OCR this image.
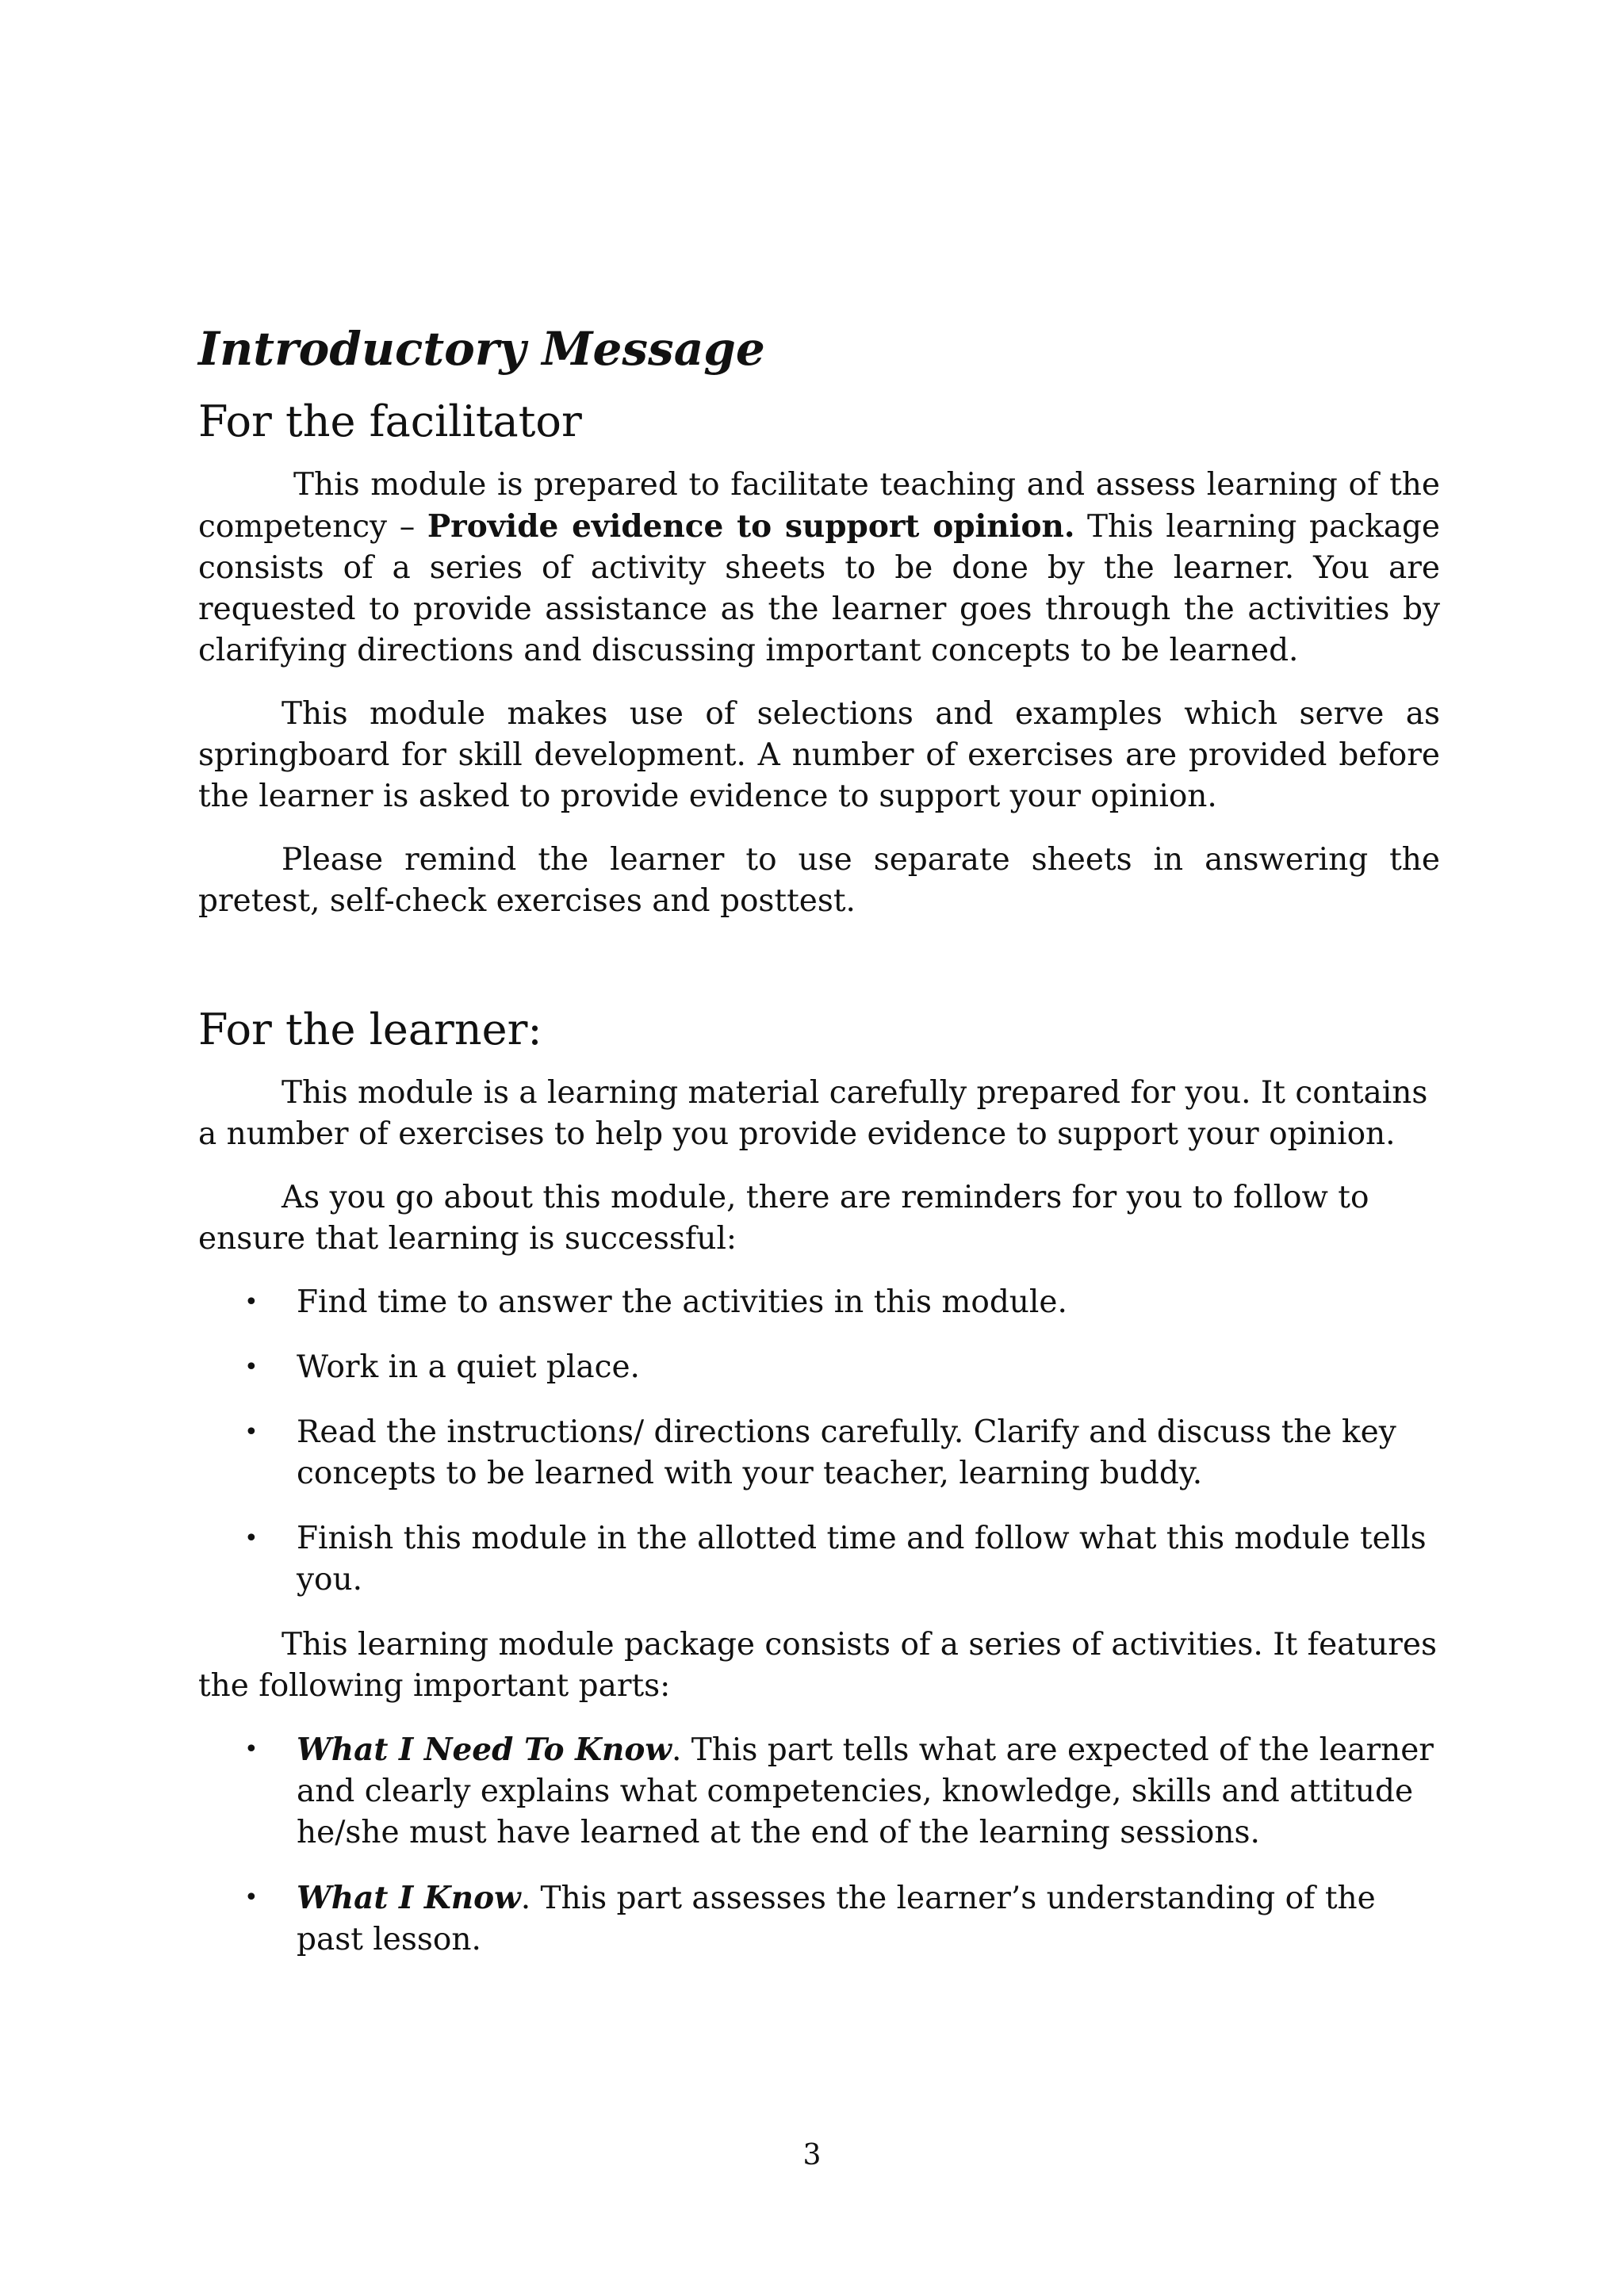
Introductory Message
For the facilitator

This module is prepared to facilitate teaching and assess learning of the competency – Provide evidence to support opinion. This learning package consists of a series of activity sheets to be done by the learner. You are requested to provide assistance as the learner goes through the activities by clarifying directions and discussing important concepts to be learned.

This module makes use of selections and examples which serve as springboard for skill development. A number of exercises are provided before the learner is asked to provide evidence to support your opinion.

Please remind the learner to use separate sheets in answering the pretest, self-check exercises and posttest.

For the learner:

This module is a learning material carefully prepared for you. It contains a number of exercises to help you provide evidence to support your opinion.

As you go about this module, there are reminders for you to follow to ensure that learning is successful:

• Find time to answer the activities in this module.
• Work in a quiet place.
• Read the instructions/ directions carefully. Clarify and discuss the key concepts to be learned with your teacher, learning buddy.
• Finish this module in the allotted time and follow what this module tells you.

This learning module package consists of a series of activities. It features the following important parts:

• What I Need To Know. This part tells what are expected of the learner and clearly explains what competencies, knowledge, skills and attitude he/she must have learned at the end of the learning sessions.
• What I Know. This part assesses the learner’s understanding of the past lesson.
3
